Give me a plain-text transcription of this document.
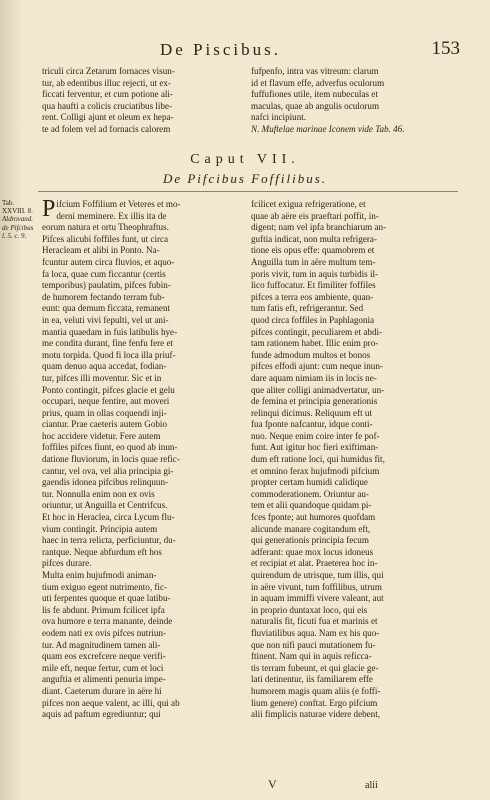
De Piscibus.	153
triculi circa Zetarum fornaces visun-
tur, ab edentibus illuc rejecti, ut ex-
ficcati ferventur, et cum potione ali-
qua haufti a colicis cruciatibus libe-
rent. Colligi ajunt et oleum ex hepa-
te ad folem vel ad fornacis calorem
fufpenfo, intra vas vitreum: clarum
id et flavum effe, adverfus oculorum
fuffufiones utile, item nubeculas et
maculas, quae ab angulis oculorum
nafci incipiunt.
N. Muftelae marinae Iconem vide Tab. 46.
Caput VII.
De Pifcibus Foffilibus.
Tab.
XXVIII. 8.
Aldrovand.
de Pifcibus
l. 5. c. 9.
P ifcium Foffilium et Veteres et mo-
derni meminere. Ex illis ita de
eorum natura et ortu Theophraftus.
Pifces alicubi foffiles funt, ut circa
Heracleam et alibi in Ponto. Na-
fcuntur autem circa fluvios, et aquo-
fa loca, quae cum ficcantur (certis
temporibus) paulatim, pifces fubin-
de humorem fectando terram fub-
eunt: qua demum ficcata, remanent
in ea, veluti vivi fepulti, vel ut ani-
mantia quaedam in fuis latibulis hye-
me condita durant, fine fenfu fere et
motu torpida. Quod fi loca illa priuf-
quam denuo aqua accedat, fodian-
tur, pifces illi moventur. Sic et in
Ponto contingit, pifces glacie et gelu
occupari, neque fentire, aut moveri
prius, quam in ollas coquendi inji-
ciantur. Prae caeteris autem Gobio
hoc accidere videtur. Fere autem
foffiles pifces fiunt, eo quod ab inun-
datione fluviorum, in locis quae refic-
cantur, vel ova, vel alia principia gi-
gaendis idonea pifcibus relinquun-
tur. Nonnulla enim non ex ovis
oriuntur, ut Anguilla et Centrifcus.
Et hoc in Heraclea, circa Lycum flu-
vium contingit. Principia autem
haec in terra relicta, perficiuntur, du-
rantque. Neque abfurdum eft hos
pifces durare.
Multa enim hujufmodi animan-
tium exiguo egent nutrimento, fic-
uti ferpentes quoque et quae latibu-
lis fe abdunt. Primum fcilicet ipfa
ova humore e terra manante, deinde
eodem nati ex ovis pifces nutriun-
tur. Ad magnitudinem tamen ali-
quam eos excrefcere neque verifi-
mile eft, neque fertur, cum et loci
anguftia et alimenti penuria impe-
diant. Caeterum durare in aëre hi
pifces non aeque valent, ac illi, qui ab
aquis ad paftum egrediuntur; qui
fcilicet exigua refrigeratione, et
quae ab aëre eis praeftari poffit, in-
digent; nam vel ipfa branchiarum an-
guftia indicat, non multa refrigera-
tione eis opus effe: quamobrem et
Anguilla tum in aëre multum tem-
poris vivit, tum in aquis turbidis il-
lico fuffocatur. Et fimiliter foffiles
pifces a terra eos ambiente, quan-
tum fatis eft, refrigerantur. Sed
quod circa foffiles in Paphlagonia
pifces contingit, peculiarem et abdi-
tam rationem habet. Illic enim pro-
funde admodum multos et bonos
pifces effodi ajunt: cum neque inun-
dare aquam nimiam iis in locis ne-
que aliter colligi animadvertatur, un-
de femina et principia generationis
relinqui dicimus. Reliquum eft ut
fua fponte nafcantur, idque conti-
nuo. Neque enim coire inter fe pof-
funt. Aut igitur hoc fieri exiftiman-
dum eft ratione loci, qui humidus fit,
et omnino ferax hujufmodi pifcium
propter certam humidi calidique
commoderationem. Oriuntur au-
tem et alii quandoque quidam pi-
fces fponte; aut humores quofdam
alicunde manare cogitandum eft,
qui generationis principia fecum
adferant: quae mox locus idoneus
et recipiat et alat. Praeterea hoc in-
quirendum de utrisque, tum illis, qui
in aëre vivunt, tum foffilibus, utrum
in aquam immiffi vivere valeant, aut
in proprio duntaxat loco, qui eis
naturalis fit, ficuti fua et marinis et
fluviatilibus aqua. Nam ex his quo-
que non nifi pauci mutationem fu-
ftinent. Nam qui in aquis reficca-
tis terram fubeunt, et qui glacie ge-
lati detinentur, iis familiarem effe
humorem magis quam aliis (e foffi-
lium genere) conftat. Ergo pifcium
alii fimplicis naturae videre debent,
V	alii
